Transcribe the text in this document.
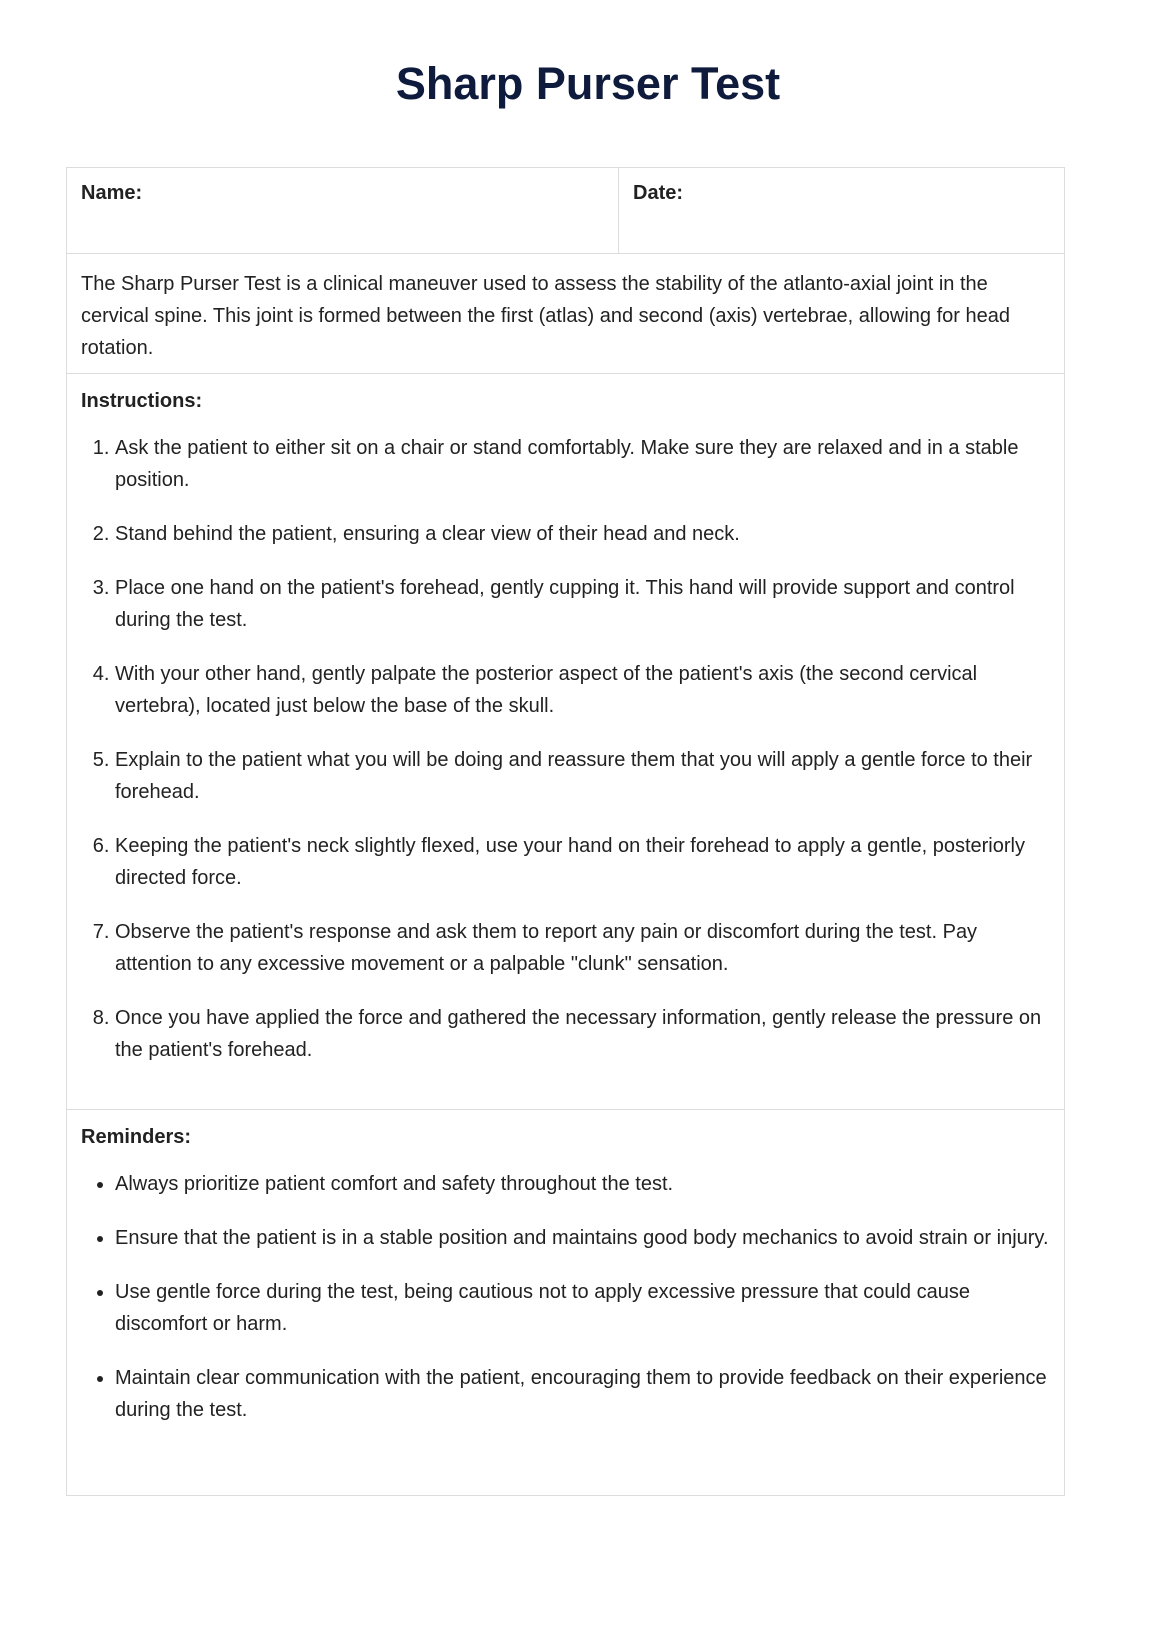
Sharp Purser Test
Name:	Date:
The Sharp Purser Test is a clinical maneuver used to assess the stability of the atlanto-axial joint in the cervical spine. This joint is formed between the first (atlas) and second (axis) vertebrae, allowing for head rotation.
Instructions:
1. Ask the patient to either sit on a chair or stand comfortably. Make sure they are relaxed and in a stable position.
2. Stand behind the patient, ensuring a clear view of their head and neck.
3. Place one hand on the patient's forehead, gently cupping it. This hand will provide support and control during the test.
4. With your other hand, gently palpate the posterior aspect of the patient's axis (the second cervical vertebra), located just below the base of the skull.
5. Explain to the patient what you will be doing and reassure them that you will apply a gentle force to their forehead.
6. Keeping the patient's neck slightly flexed, use your hand on their forehead to apply a gentle, posteriorly directed force.
7. Observe the patient's response and ask them to report any pain or discomfort during the test. Pay attention to any excessive movement or a palpable "clunk" sensation.
8. Once you have applied the force and gathered the necessary information, gently release the pressure on the patient's forehead.
Reminders:
• Always prioritize patient comfort and safety throughout the test.
• Ensure that the patient is in a stable position and maintains good body mechanics to avoid strain or injury.
• Use gentle force during the test, being cautious not to apply excessive pressure that could cause discomfort or harm.
• Maintain clear communication with the patient, encouraging them to provide feedback on their experience during the test.
